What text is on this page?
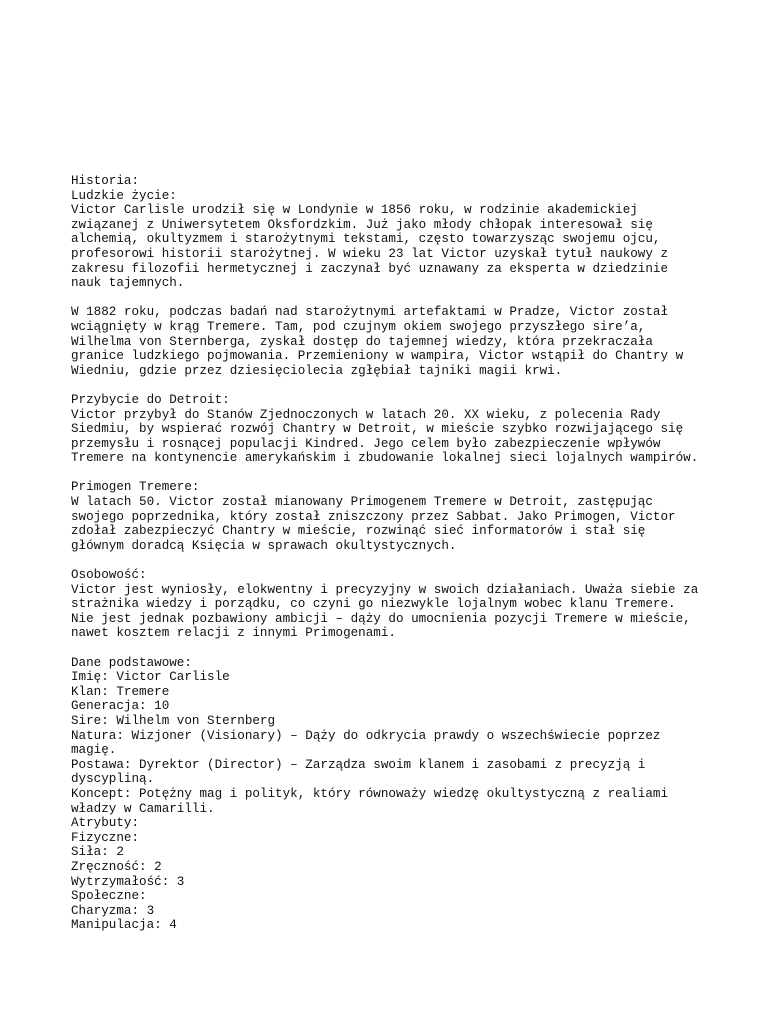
Historia:
Ludzkie życie:
Victor Carlisle urodził się w Londynie w 1856 roku, w rodzinie akademickiej
związanej z Uniwersytetem Oksfordzkim. Już jako młody chłopak interesował się
alchemią, okultyzmem i starożytnymi tekstami, często towarzysząc swojemu ojcu,
profesorowi historii starożytnej. W wieku 23 lat Victor uzyskał tytuł naukowy z
zakresu filozofii hermetycznej i zaczynał być uznawany za eksperta w dziedzinie
nauk tajemnych.
W 1882 roku, podczas badań nad starożytnymi artefaktami w Pradze, Victor został
wciągnięty w krąg Tremere. Tam, pod czujnym okiem swojego przyszłego sire’a,
Wilhelma von Sternberga, zyskał dostęp do tajemnej wiedzy, która przekraczała
granice ludzkiego pojmowania. Przemieniony w wampira, Victor wstąpił do Chantry w
Wiedniu, gdzie przez dziesięciolecia zgłębiał tajniki magii krwi.
Przybycie do Detroit:
Victor przybył do Stanów Zjednoczonych w latach 20. XX wieku, z polecenia Rady
Siedmiu, by wspierać rozwój Chantry w Detroit, w mieście szybko rozwijającego się
przemysłu i rosnącej populacji Kindred. Jego celem było zabezpieczenie wpływów
Tremere na kontynencie amerykańskim i zbudowanie lokalnej sieci lojalnych wampirów.
Primogen Tremere:
W latach 50. Victor został mianowany Primogenem Tremere w Detroit, zastępując
swojego poprzednika, który został zniszczony przez Sabbat. Jako Primogen, Victor
zdołał zabezpieczyć Chantry w mieście, rozwinąć sieć informatorów i stał się
głównym doradcą Księcia w sprawach okultystycznych.
Osobowość:
Victor jest wyniosły, elokwentny i precyzyjny w swoich działaniach. Uważa siebie za
strażnika wiedzy i porządku, co czyni go niezwykle lojalnym wobec klanu Tremere.
Nie jest jednak pozbawiony ambicji – dąży do umocnienia pozycji Tremere w mieście,
nawet kosztem relacji z innymi Primogenami.
Dane podstawowe:
Imię: Victor Carlisle
Klan: Tremere
Generacja: 10
Sire: Wilhelm von Sternberg
Natura: Wizjoner (Visionary) – Dąży do odkrycia prawdy o wszechświecie poprzez
magię.
Postawa: Dyrektor (Director) – Zarządza swoim klanem i zasobami z precyzją i
dyscypliną.
Koncept: Potężny mag i polityk, który równoważy wiedzę okultystyczną z realiami
władzy w Camarilli.
Atrybuty:
Fizyczne:
Siła: 2
Zręczność: 2
Wytrzymałość: 3
Społeczne:
Charyzma: 3
Manipulacja: 4
